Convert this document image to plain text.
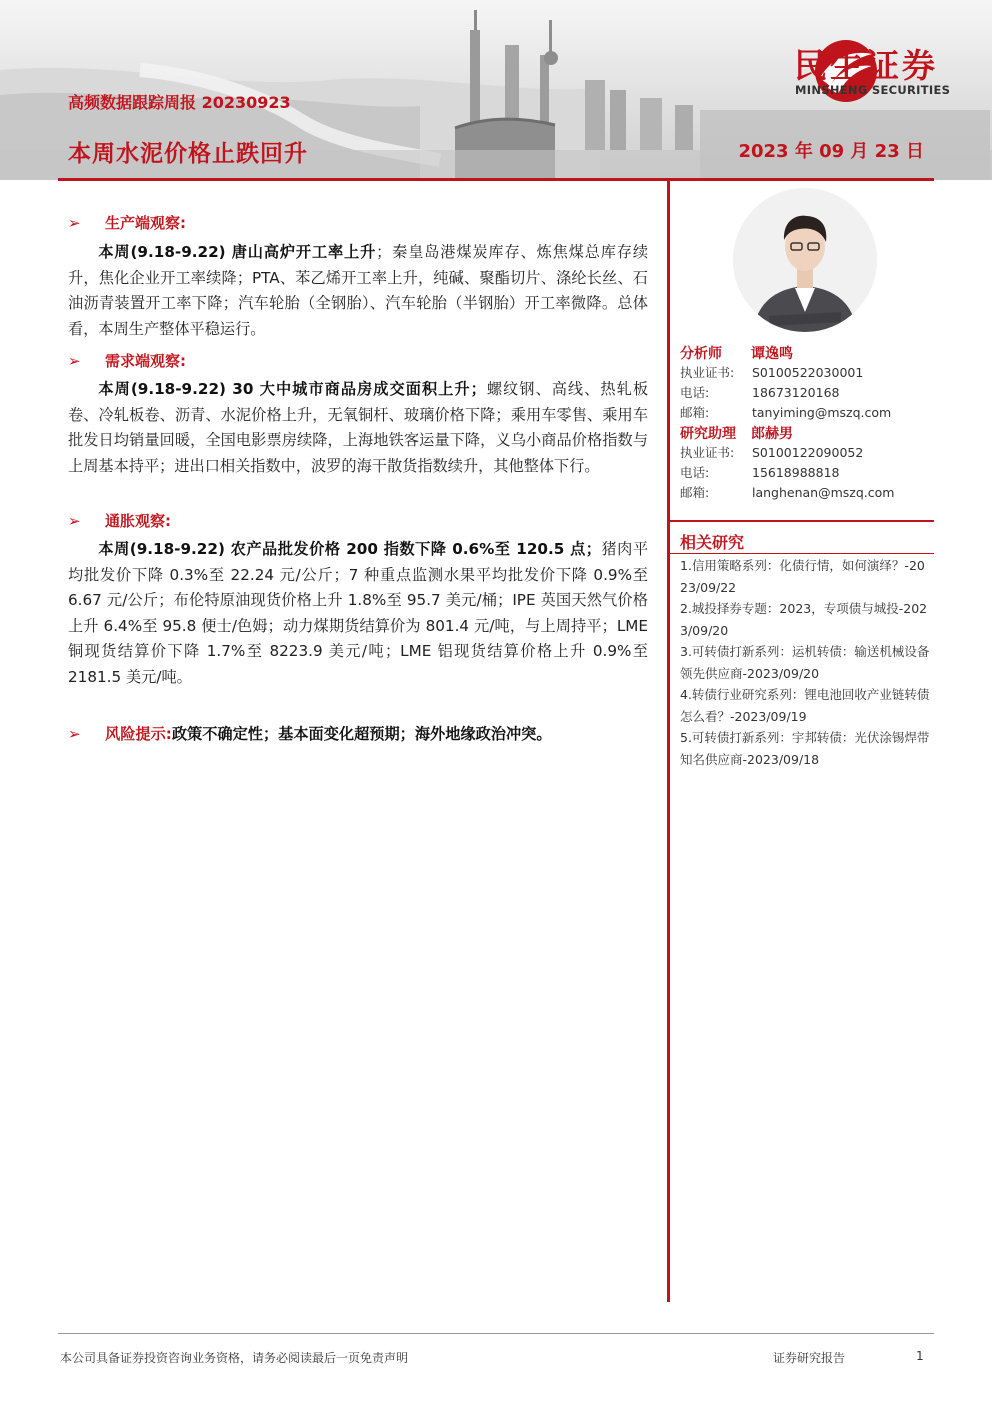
高频数据跟踪周报 20230923
本周水泥价格止跌回升	2023 年 09 月 23 日
民生证券
MINSHENG SECURITIES
➢ 生产端观察:
本周(9.18-9.22) 唐山高炉开工率上升；秦皇岛港煤炭库存、炼焦煤总库存续升，焦化企业开工率续降；PTA、苯乙烯开工率上升，纯碱、聚酯切片、涤纶长丝、石油沥青装置开工率下降；汽车轮胎（全钢胎）、汽车轮胎（半钢胎）开工率微降。总体看，本周生产整体平稳运行。
➢ 需求端观察:
本周(9.18-9.22) 30 大中城市商品房成交面积上升；螺纹钢、高线、热轧板卷、冷轧板卷、沥青、水泥价格上升，无氧铜杆、玻璃价格下降；乘用车零售、乘用车批发日均销量回暖，全国电影票房续降，上海地铁客运量下降，义乌小商品价格指数与上周基本持平；进出口相关指数中，波罗的海干散货指数续升，其他整体下行。
➢ 通胀观察:
本周(9.18-9.22) 农产品批发价格 200 指数下降 0.6%至 120.5 点；猪肉平均批发价下降 0.3%至 22.24 元/公斤；7 种重点监测水果平均批发价下降 0.9%至 6.67 元/公斤；布伦特原油现货价格上升 1.8%至 95.7 美元/桶；IPE 英国天然气价格上升 6.4%至 95.8 便士/色姆；动力煤期货结算价为 801.4 元/吨，与上周持平；LME 铜现货结算价下降 1.7%至 8223.9 美元/吨；LME 铝现货结算价格上升 0.9%至 2181.5 美元/吨。
➢ 风险提示:政策不确定性；基本面变化超预期；海外地缘政治冲突。
分析师 谭逸鸣
执业证书: S0100522030001
电话:	18673120168
邮箱:	tanyiming@mszq.com
研究助理 郎赫男
执业证书: S0100122090052
电话:	15618988818
邮箱:	langhenan@mszq.com
相关研究
1.信用策略系列：化债行情，如何演绎？-2023/09/22
2.城投择券专题：2023，专项债与城投-2023/09/20
3.可转债打新系列：运机转债：输送机械设备领先供应商-2023/09/20
4.转债行业研究系列：锂电池回收产业链转债怎么看？-2023/09/19
5.可转债打新系列：宇邦转债：光伏涂锡焊带知名供应商-2023/09/18
本公司具备证券投资咨询业务资格，请务必阅读最后一页免责声明	证券研究报告	1
